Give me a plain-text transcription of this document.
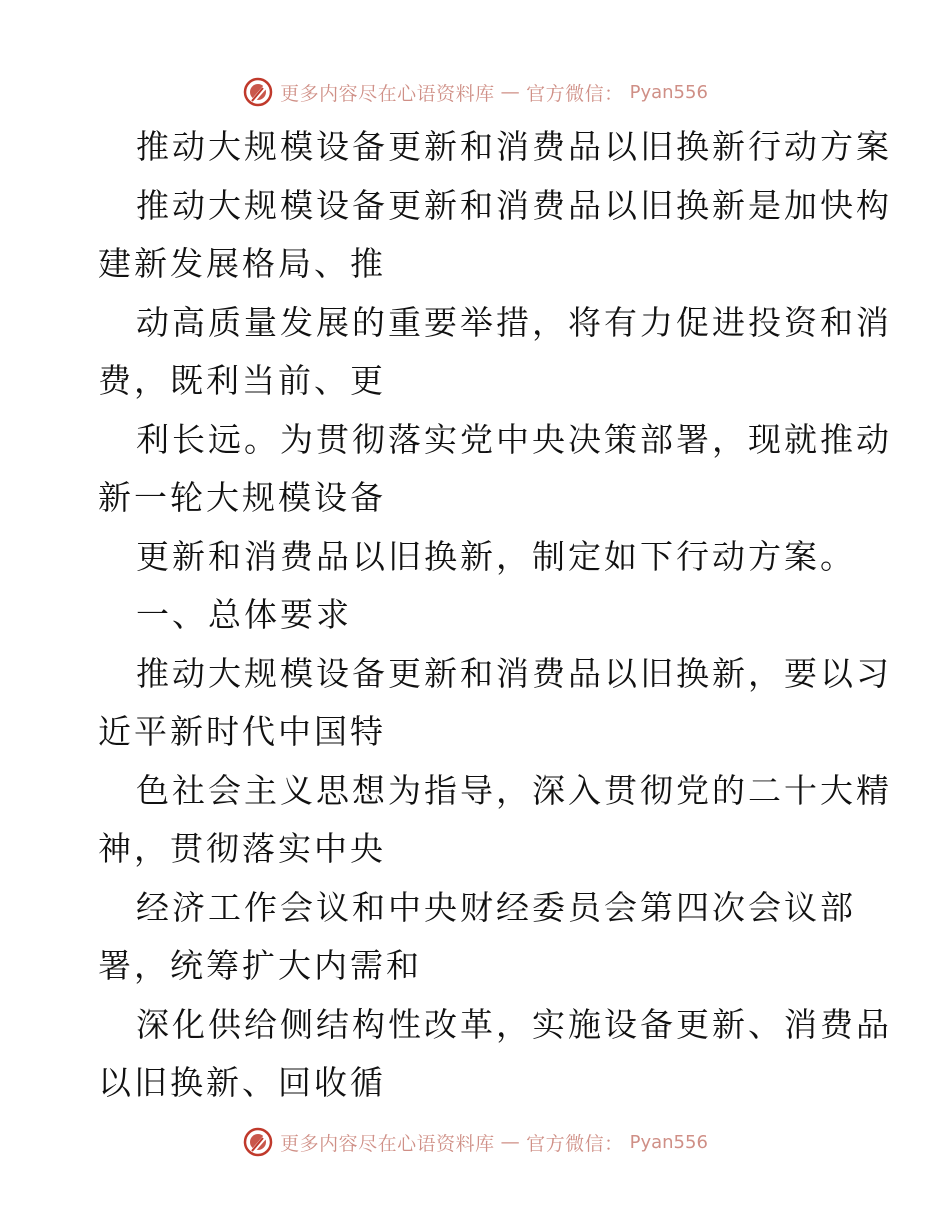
更多内容尽在心语资料库 — 官方微信： Pyan556
推动大规模设备更新和消费品以旧换新行动方案
推动大规模设备更新和消费品以旧换新是加快构
建新发展格局、推
动高质量发展的重要举措，将有力促进投资和消
费，既利当前、更
利长远。为贯彻落实党中央决策部署，现就推动
新一轮大规模设备
更新和消费品以旧换新，制定如下行动方案。
一、总体要求
推动大规模设备更新和消费品以旧换新，要以习
近平新时代中国特
色社会主义思想为指导，深入贯彻党的二十大精
神，贯彻落实中央
经济工作会议和中央财经委员会第四次会议部
署，统筹扩大内需和
深化供给侧结构性改革，实施设备更新、消费品
以旧换新、回收循
更多内容尽在心语资料库 — 官方微信： Pyan556
